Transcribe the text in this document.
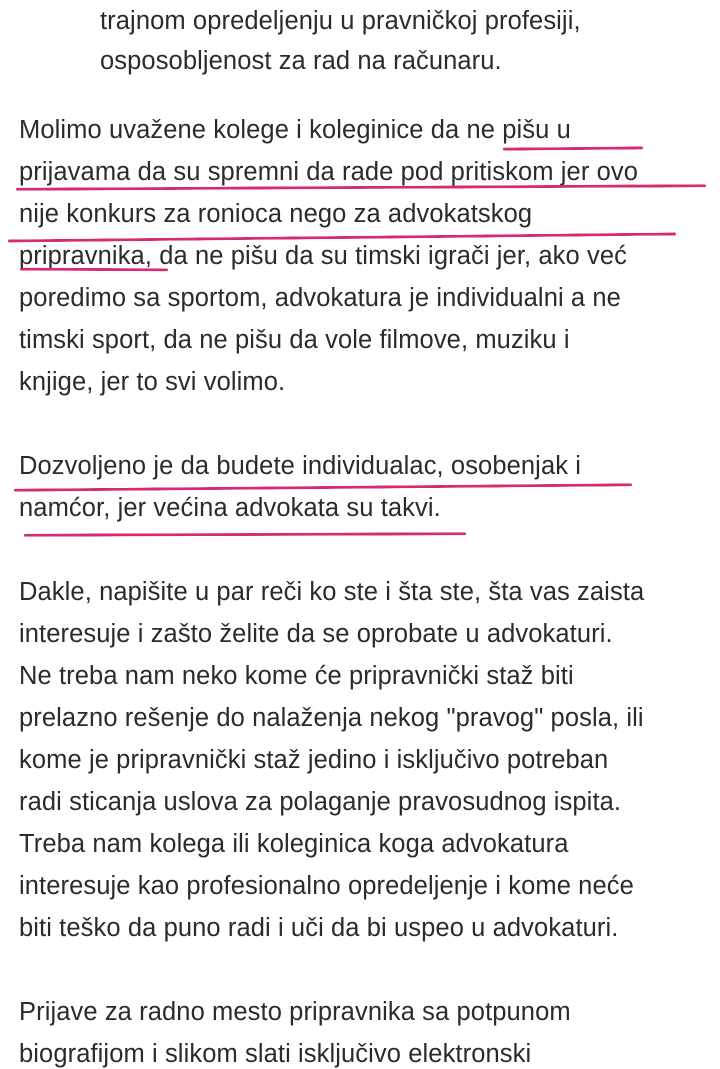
trajnom opredeljenju u pravničkoj profesiji,
osposobljenost za rad na računaru.
Molimo uvažene kolege i koleginice da ne pišu u
prijavama da su spremni da rade pod pritiskom jer ovo
nije konkurs za ronioca nego za advokatskog
pripravnika, da ne pišu da su timski igrači jer, ako već
poredimo sa sportom, advokatura je individualni a ne
timski sport, da ne pišu da vole filmove, muziku i
knjige, jer to svi volimo.
Dozvoljeno je da budete individualac, osobenjak i
namćor, jer većina advokata su takvi.
Dakle, napišite u par reči ko ste i šta ste, šta vas zaista
interesuje i zašto želite da se oprobate u advokaturi.
Ne treba nam neko kome će pripravnički staž biti
prelazno rešenje do nalaženja nekog "pravog" posla, ili
kome je pripravnički staž jedino i isključivo potreban
radi sticanja uslova za polaganje pravosudnog ispita.
Treba nam kolega ili koleginica koga advokatura
interesuje kao profesionalno opredeljenje i kome neće
biti teško da puno radi i uči da bi uspeo u advokaturi.
Prijave za radno mesto pripravnika sa potpunom
biografijom i slikom slati isključivo elektronski
